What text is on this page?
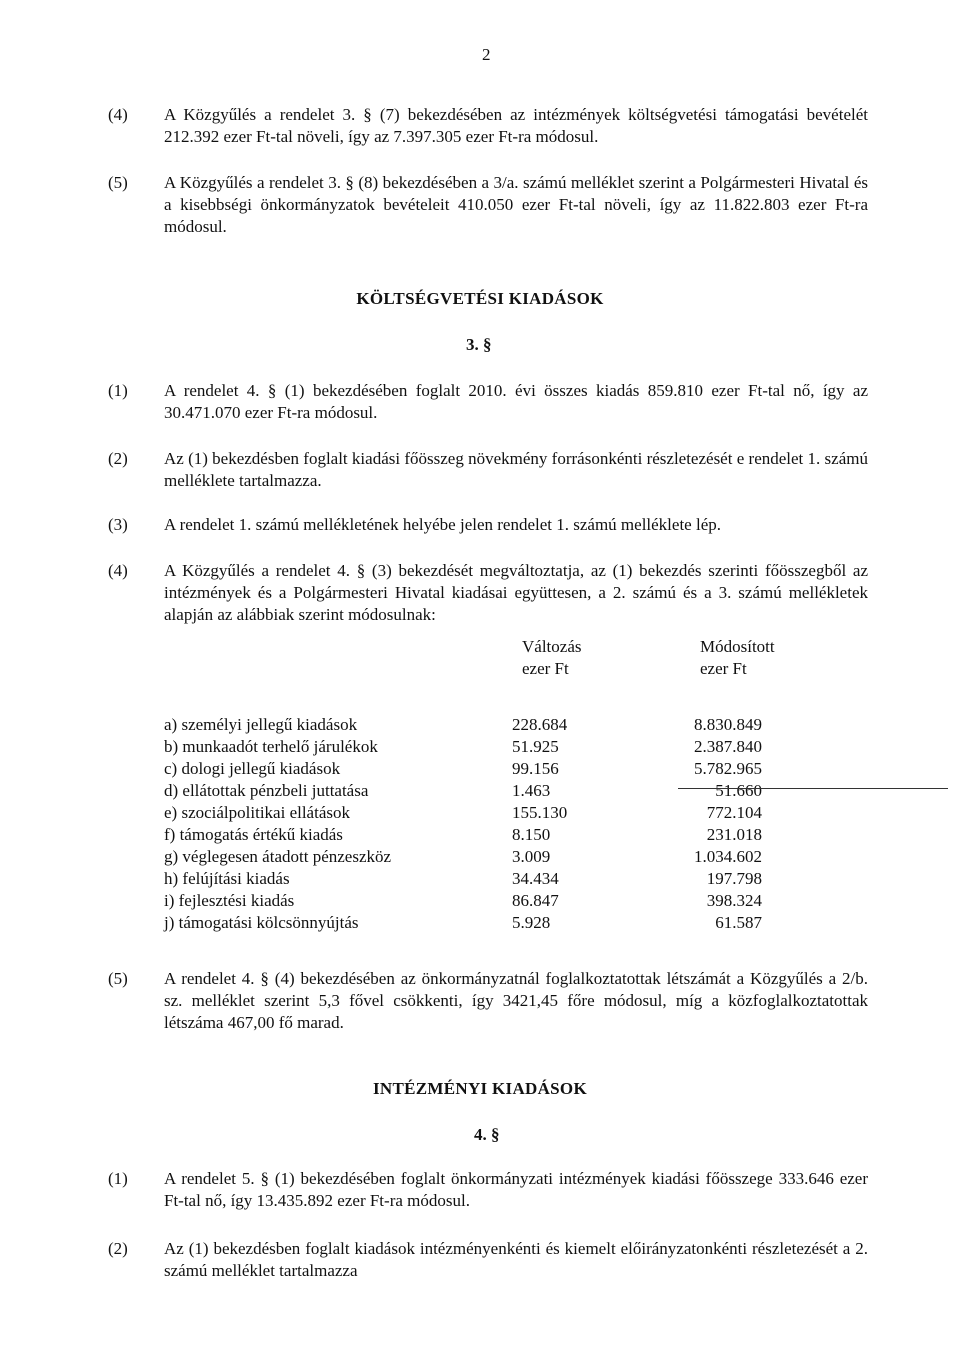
2
(4) A Közgyűlés a rendelet 3. § (7) bekezdésében az intézmények költségvetési támogatási bevételét 212.392 ezer Ft-tal növeli, így az 7.397.305 ezer Ft-ra módosul.
(5) A Közgyűlés a rendelet 3. § (8) bekezdésében a 3/a. számú melléklet szerint a Polgármesteri Hivatal és a kisebbségi önkormányzatok bevételeit 410.050 ezer Ft-tal növeli, így az 11.822.803 ezer Ft-ra módosul.
KÖLTSÉGVETÉSI KIADÁSOK
3. §
(1) A rendelet 4. § (1) bekezdésében foglalt 2010. évi összes kiadás 859.810 ezer Ft-tal nő, így az 30.471.070 ezer Ft-ra módosul.
(2) Az (1) bekezdésben foglalt kiadási főösszeg növekmény forrásonkénti részletezését e rendelet 1. számú melléklete tartalmazza.
(3) A rendelet 1. számú mellékletének helyébe jelen rendelet 1. számú melléklete lép.
(4) A Közgyűlés a rendelet 4. § (3) bekezdését megváltoztatja, az (1) bekezdés szerinti főösszegből az intézmények és a Polgármesteri Hivatal kiadásai együttesen, a 2. számú és a 3. számú mellékletek alapján az alábbiak szerint módosulnak:
Változás
ezer Ft
Módosított
ezer Ft
a) személyi jellegű kiadások	228.684	8.830.849
b) munkaadót terhelő járulékok	51.925	2.387.840
c) dologi jellegű kiadások	99.156	5.782.965
d) ellátottak pénzbeli juttatása	1.463	51.660
e) szociálpolitikai ellátások	155.130	772.104
f) támogatás értékű kiadás	8.150	231.018
g) véglegesen átadott pénzeszköz	3.009	1.034.602
h) felújítási kiadás	34.434	197.798
i) fejlesztési kiadás	86.847	398.324
j) támogatási kölcsönnyújtás	5.928	61.587
(5) A rendelet 4. § (4) bekezdésében az önkormányzatnál foglalkoztatottak létszámát a Közgyűlés a 2/b. sz. melléklet szerint 5,3 fővel csökkenti, így 3421,45 főre módosul, míg a közfoglalkoztatottak létszáma 467,00 fő marad.
INTÉZMÉNYI KIADÁSOK
4. §
(1) A rendelet 5. § (1) bekezdésében foglalt önkormányzati intézmények kiadási főösszege 333.646 ezer Ft-tal nő, így 13.435.892 ezer Ft-ra módosul.
(2) Az (1) bekezdésben foglalt kiadások intézményenkénti és kiemelt előirányzatonkénti részletezését a 2. számú melléklet tartalmazza
